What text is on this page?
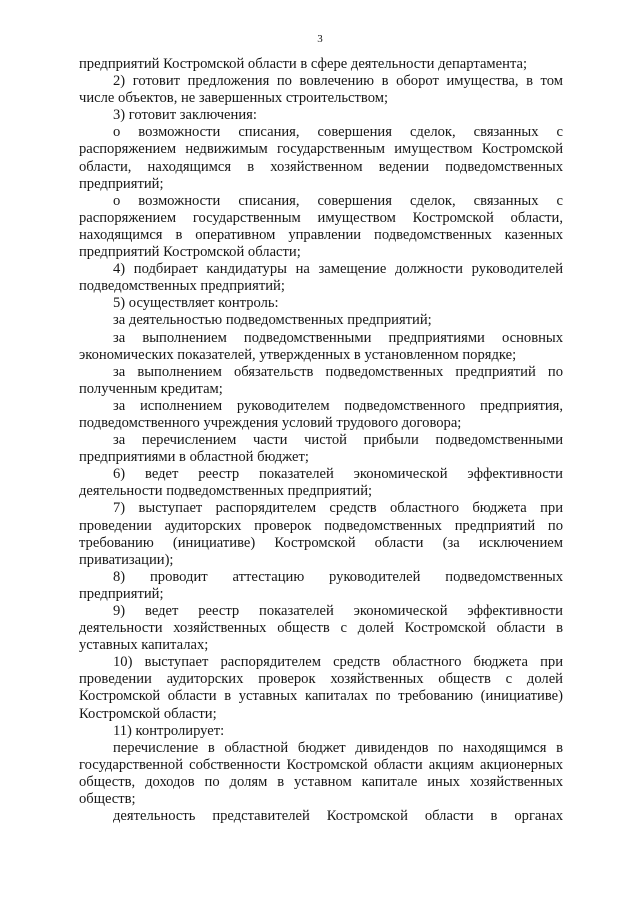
3

предприятий Костромской области в сфере деятельности департамента;

2) готовит предложения по вовлечению в оборот имущества, в том числе объектов, не завершенных строительством;

3) готовит заключения:

о возможности списания, совершения сделок, связанных с распоряжением недвижимым государственным имуществом Костромской области, находящимся в хозяйственном ведении подведомственных предприятий;

о возможности списания, совершения сделок, связанных с распоряжением государственным имуществом Костромской области, находящимся в оперативном управлении подведомственных казенных предприятий Костромской области;

4) подбирает кандидатуры на замещение должности руководителей подведомственных предприятий;

5) осуществляет контроль:

за деятельностью подведомственных предприятий;

за выполнением подведомственными предприятиями основных экономических показателей, утвержденных в установленном порядке;

за выполнением обязательств подведомственных предприятий по полученным кредитам;

за исполнением руководителем подведомственного предприятия, подведомственного учреждения условий трудового договора;

за перечислением части чистой прибыли подведомственными предприятиями в областной бюджет;

6) ведет реестр показателей экономической эффективности деятельности подведомственных предприятий;

7) выступает распорядителем средств областного бюджета при проведении аудиторских проверок подведомственных предприятий по требованию (инициативе) Костромской области (за исключением приватизации);

8) проводит аттестацию руководителей подведомственных предприятий;

9) ведет реестр показателей экономической эффективности деятельности хозяйственных обществ с долей Костромской области в уставных капиталах;

10) выступает распорядителем средств областного бюджета при проведении аудиторских проверок хозяйственных обществ с долей Костромской области в уставных капиталах по требованию (инициативе) Костромской области;

11) контролирует:

перечисление в областной бюджет дивидендов по находящимся в государственной собственности Костромской области акциям акционерных обществ, доходов по долям в уставном капитале иных хозяйственных обществ;

деятельность представителей Костромской области в органах
